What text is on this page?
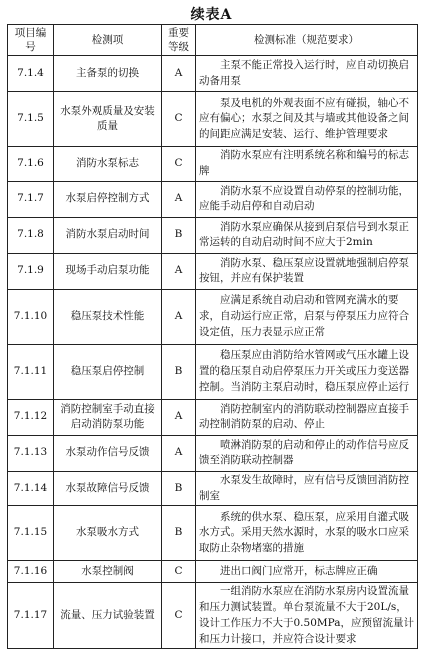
续表A
项目编号	检测项	重要等级	检测标准（规范要求）
7.1.4	主备泵的切换	A	主泵不能正常投入运行时，应自动切换启动备用泵
7.1.5	水泵外观质量及安装质量	C	泵及电机的外观表面不应有碰损，轴心不应有偏心；水泵之间及其与墙或其他设备之间的间距应满足安装、运行、维护管理要求
7.1.6	消防水泵标志	C	消防水泵应有注明系统名称和编号的标志牌
7.1.7	水泵启停控制方式	A	消防水泵不应设置自动停泵的控制功能，应能手动启停和自动启动
7.1.8	消防水泵启动时间	B	消防水泵应确保从接到启泵信号到水泵正常运转的自动启动时间不应大于2min
7.1.9	现场手动启泵功能	A	消防水泵、稳压泵应设置就地强制启停泵按钮，并应有保护装置
7.1.10	稳压泵技术性能	A	应满足系统自动启动和管网充满水的要求，自动运行应正常，启泵与停泵压力应符合设定值，压力表显示应正常
7.1.11	稳压泵启停控制	B	稳压泵应由消防给水管网或气压水罐上设置的稳压泵自动启停泵压力开关或压力变送器控制。当消防主泵启动时，稳压泵应停止运行
7.1.12	消防控制室手动直接启动消防泵功能	A	消防控制室内的消防联动控制器应直接手动控制消防泵的启动、停止
7.1.13	水泵动作信号反馈	A	喷淋消防泵的启动和停止的动作信号应反馈至消防联动控制器
7.1.14	水泵故障信号反馈	B	水泵发生故障时，应有信号反馈回消防控制室
7.1.15	水泵吸水方式	B	系统的供水泵、稳压泵，应采用自灌式吸水方式。采用天然水源时，水泵的吸水口应采取防止杂物堵塞的措施
7.1.16	水泵控制阀	C	进出口阀门应常开，标志牌应正确
7.1.17	流量、压力试验装置	C	一组消防水泵应在消防水泵房内设置流量和压力测试装置。单台泵流量不大于20L/s，设计工作压力不大于0.50MPa，应预留流量计和压力计接口，并应符合设计要求
